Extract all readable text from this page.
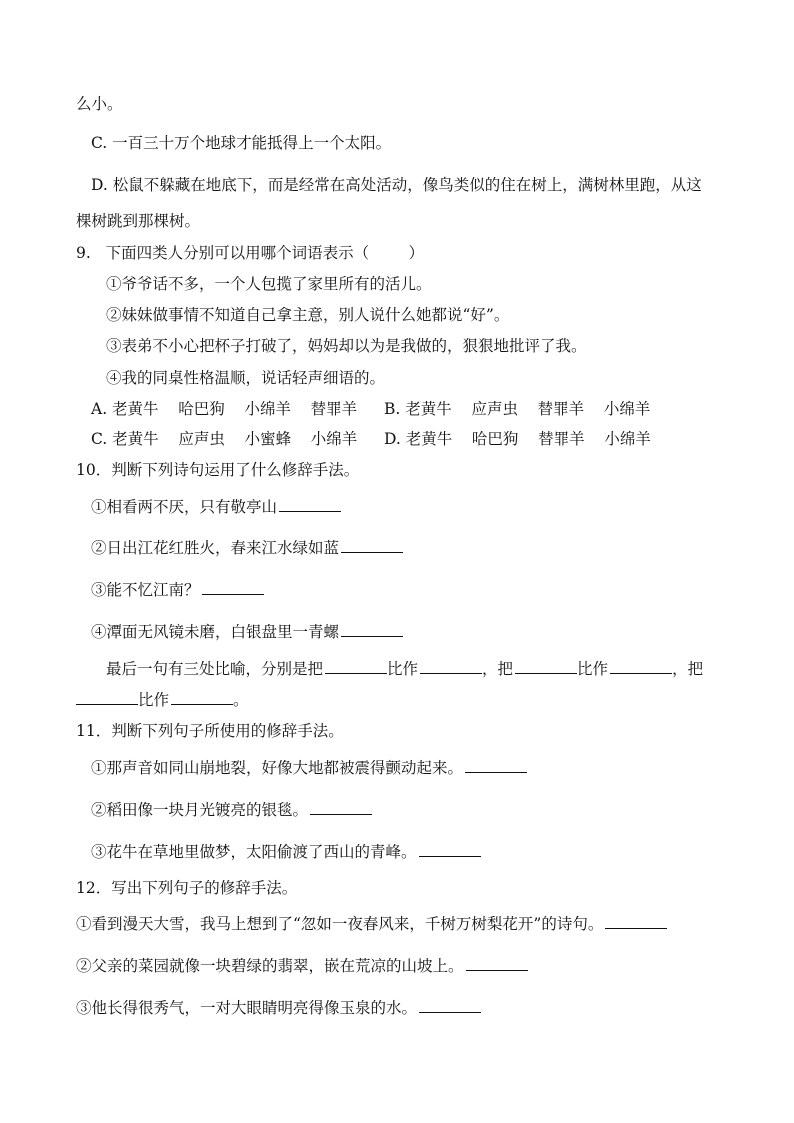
么小。
C. 一百三十万个地球才能抵得上一个太阳。
D. 松鼠不躲藏在地底下，而是经常在高处活动，像鸟类似的住在树上，满树林里跑，从这
棵树跳到那棵树。
9.   下面四类人分别可以用哪个词语表示（        ）
①爷爷话不多，一个人包揽了家里所有的活儿。
②妹妹做事情不知道自己拿主意，别人说什么她都说“好”。
③表弟不小心把杯子打破了，妈妈却以为是我做的，狠狠地批评了我。
④我的同桌性格温顺，说话轻声细语的。
A. 老黄牛    哈巴狗    小绵羊    替罪羊 B. 老黄牛    应声虫    替罪羊    小绵羊
C. 老黄牛    应声虫    小蜜蜂    小绵羊 D. 老黄牛    哈巴狗    替罪羊    小绵羊
10．判断下列诗句运用了什么修辞手法。
①相看两不厌，只有敬亭山
②日出江花红胜火，春来江水绿如蓝
③能不忆江南？
④潭面无风镜未磨，白银盘里一青螺
最后一句有三处比喻，分别是把	比作	，把	比作	，把
比作	。
11．判断下列句子所使用的修辞手法。
①那声音如同山崩地裂，好像大地都被震得颤动起来。
②稻田像一块月光镀亮的银毯。
③花牛在草地里做梦，太阳偷渡了西山的青峰。
12．写出下列句子的修辞手法。
①看到漫天大雪，我马上想到了“忽如一夜春风来，千树万树梨花开”的诗句。
②父亲的菜园就像一块碧绿的翡翠，嵌在荒凉的山坡上。
③他长得很秀气，一对大眼睛明亮得像玉泉的水。
